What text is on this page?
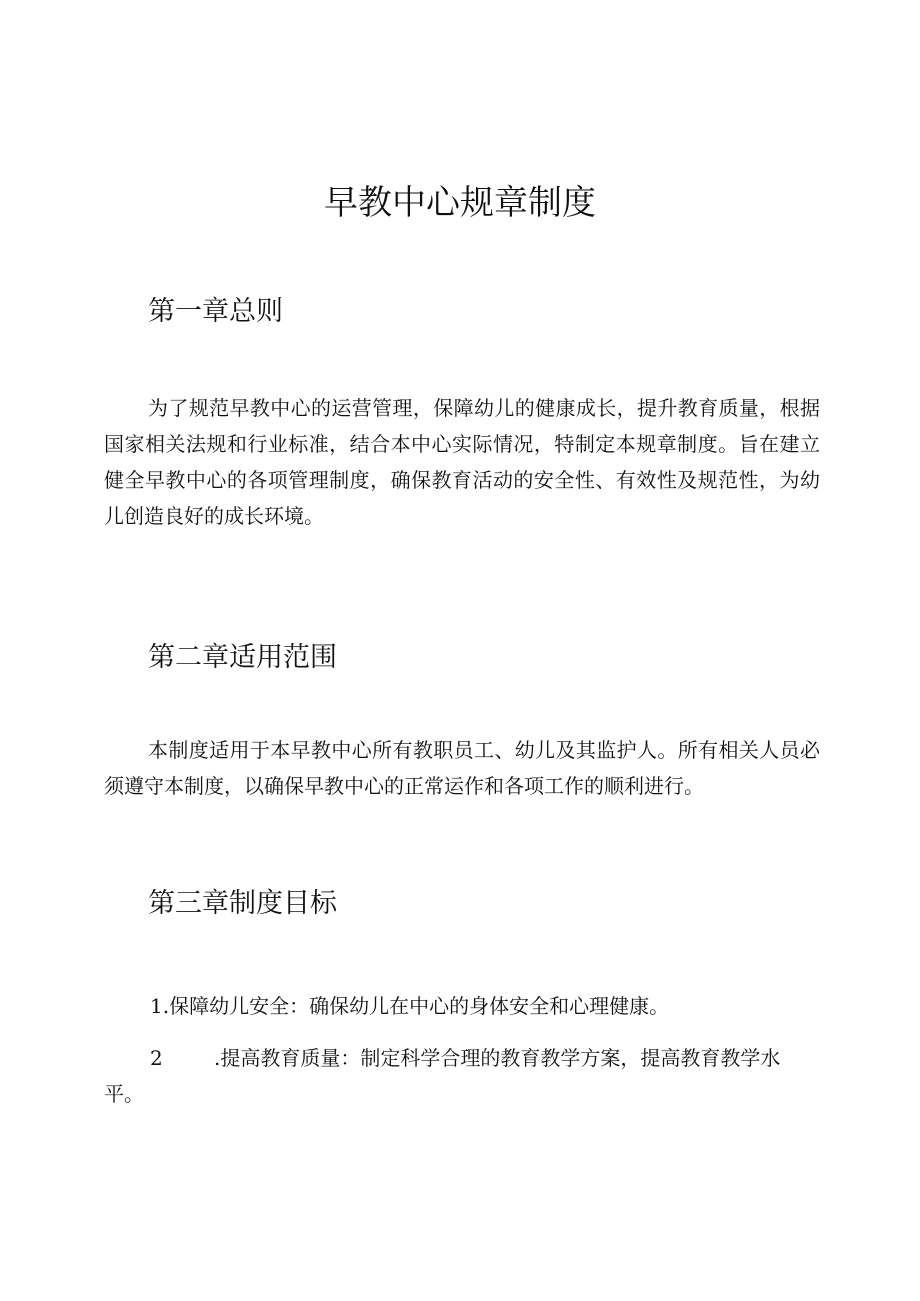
早教中心规章制度
第一章总则

为了规范早教中心的运营管理，保障幼儿的健康成长，提升教育质量，根据国家相关法规和行业标准，结合本中心实际情况，特制定本规章制度。旨在建立健全早教中心的各项管理制度，确保教育活动的安全性、有效性及规范性，为幼儿创造良好的成长环境。

第二章适用范围

本制度适用于本早教中心所有教职员工、幼儿及其监护人。所有相关人员必须遵守本制度，以确保早教中心的正常运作和各项工作的顺利进行。

第三章制度目标

1.保障幼儿安全：确保幼儿在中心的身体安全和心理健康。

2	.提高教育质量：制定科学合理的教育教学方案，提高教育教学水平。
